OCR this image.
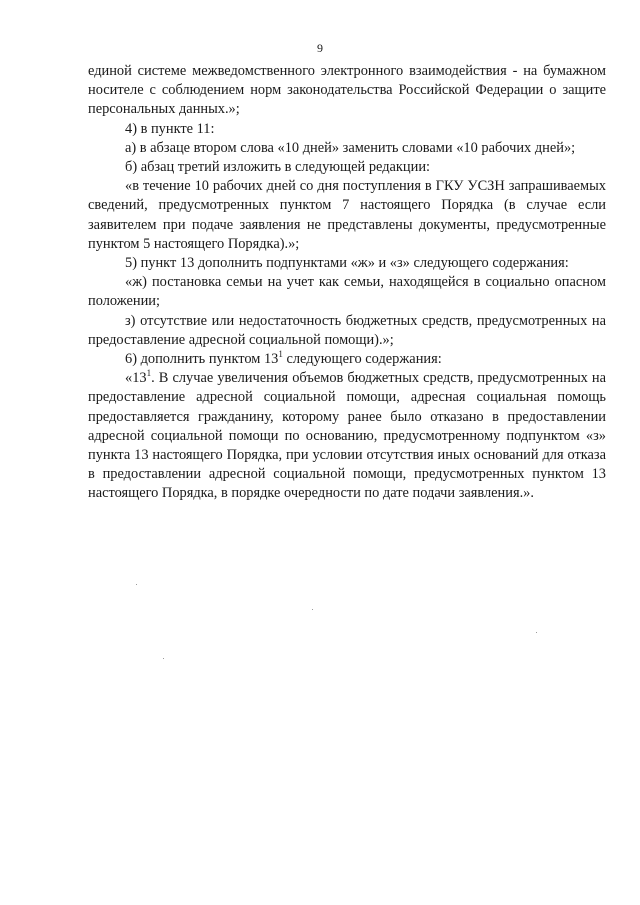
9

единой системе межведомственного электронного взаимодействия - на бумажном носителе с соблюдением норм законодательства Российской Федерации о защите персональных данных.»;

4) в пункте 11:

а) в абзаце втором слова «10 дней» заменить словами «10 рабочих дней»;

б) абзац третий изложить в следующей редакции:

«в течение 10 рабочих дней со дня поступления в ГКУ УСЗН запрашиваемых сведений, предусмотренных пунктом 7 настоящего Порядка (в случае если заявителем при подаче заявления не представлены документы, предусмотренные пунктом 5 настоящего Порядка).»;

5) пункт 13 дополнить подпунктами «ж» и «з» следующего содержания:

«ж) постановка семьи на учет как семьи, находящейся в социально опасном положении;

з) отсутствие или недостаточность бюджетных средств, предусмотренных на предоставление адресной социальной помощи).»;

6) дополнить пунктом $13^1$ следующего содержания:

«$13^1$. В случае увеличения объемов бюджетных средств, предусмотренных на предоставление адресной социальной помощи, адресная социальная помощь предоставляется гражданину, которому ранее было отказано в предоставлении адресной социальной помощи по основанию, предусмотренному подпунктом «з» пункта 13 настоящего Порядка, при условии отсутствия иных оснований для отказа в предоставлении адресной социальной помощи, предусмотренных пунктом 13 настоящего Порядка, в порядке очередности по дате подачи заявления.».
